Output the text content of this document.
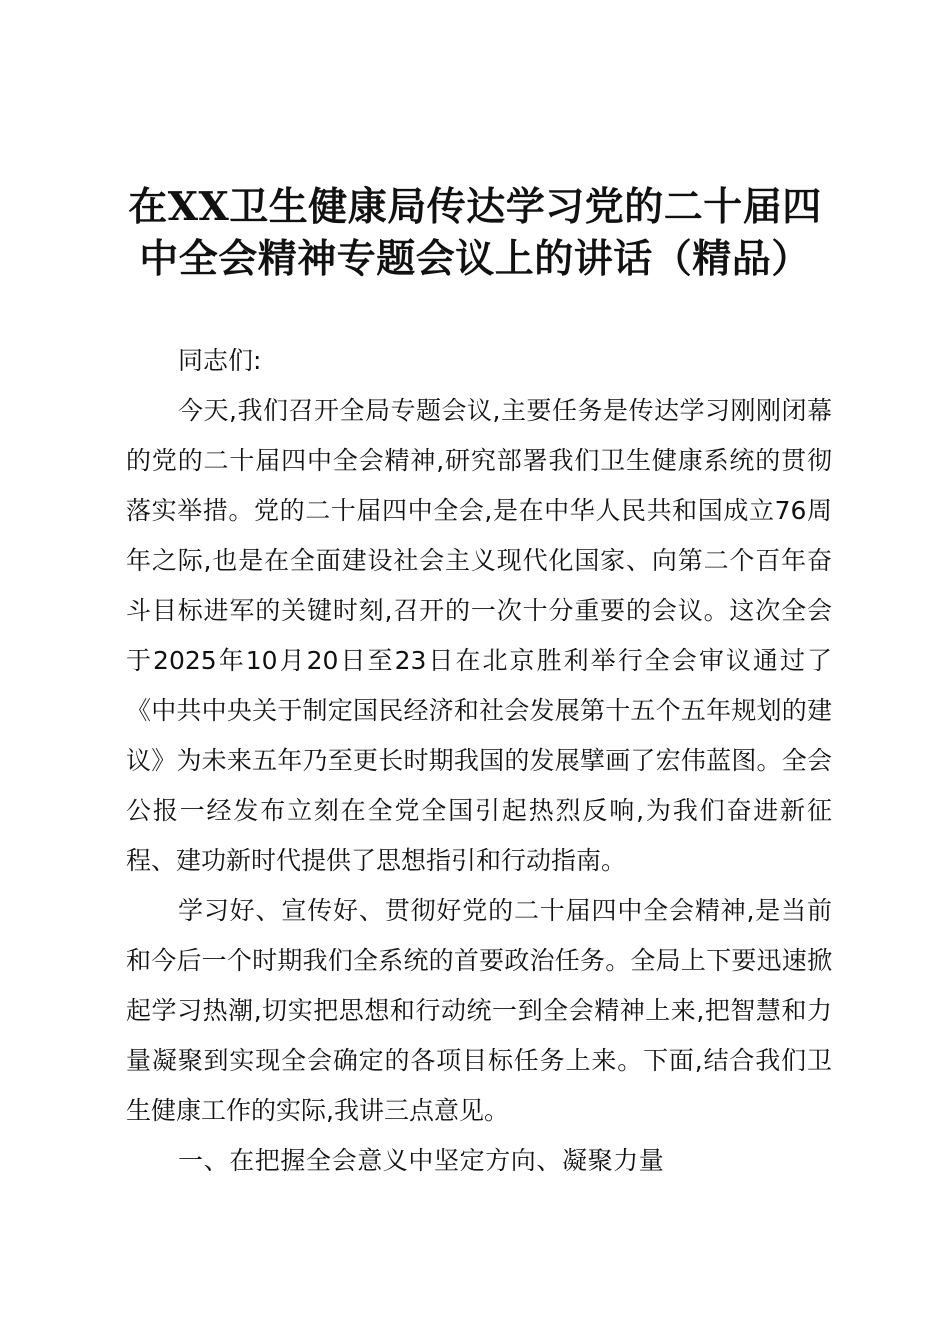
在XX卫生健康局传达学习党的二十届四中全会精神专题会议上的讲话（精品）

同志们:

今天,我们召开全局专题会议,主要任务是传达学习刚刚闭幕的党的二十届四中全会精神,研究部署我们卫生健康系统的贯彻落实举措。党的二十届四中全会,是在中华人民共和国成立76周年之际,也是在全面建设社会主义现代化国家、向第二个百年奋斗目标进军的关键时刻,召开的一次十分重要的会议。这次全会于2025年10月20日至23日在北京胜利举行全会审议通过了《中共中央关于制定国民经济和社会发展第十五个五年规划的建议》为未来五年乃至更长时期我国的发展擘画了宏伟蓝图。全会公报一经发布立刻在全党全国引起热烈反响,为我们奋进新征程、建功新时代提供了思想指引和行动指南。

学习好、宣传好、贯彻好党的二十届四中全会精神,是当前和今后一个时期我们全系统的首要政治任务。全局上下要迅速掀起学习热潮,切实把思想和行动统一到全会精神上来,把智慧和力量凝聚到实现全会确定的各项目标任务上来。下面,结合我们卫生健康工作的实际,我讲三点意见。

一、在把握全会意义中坚定方向、凝聚力量
